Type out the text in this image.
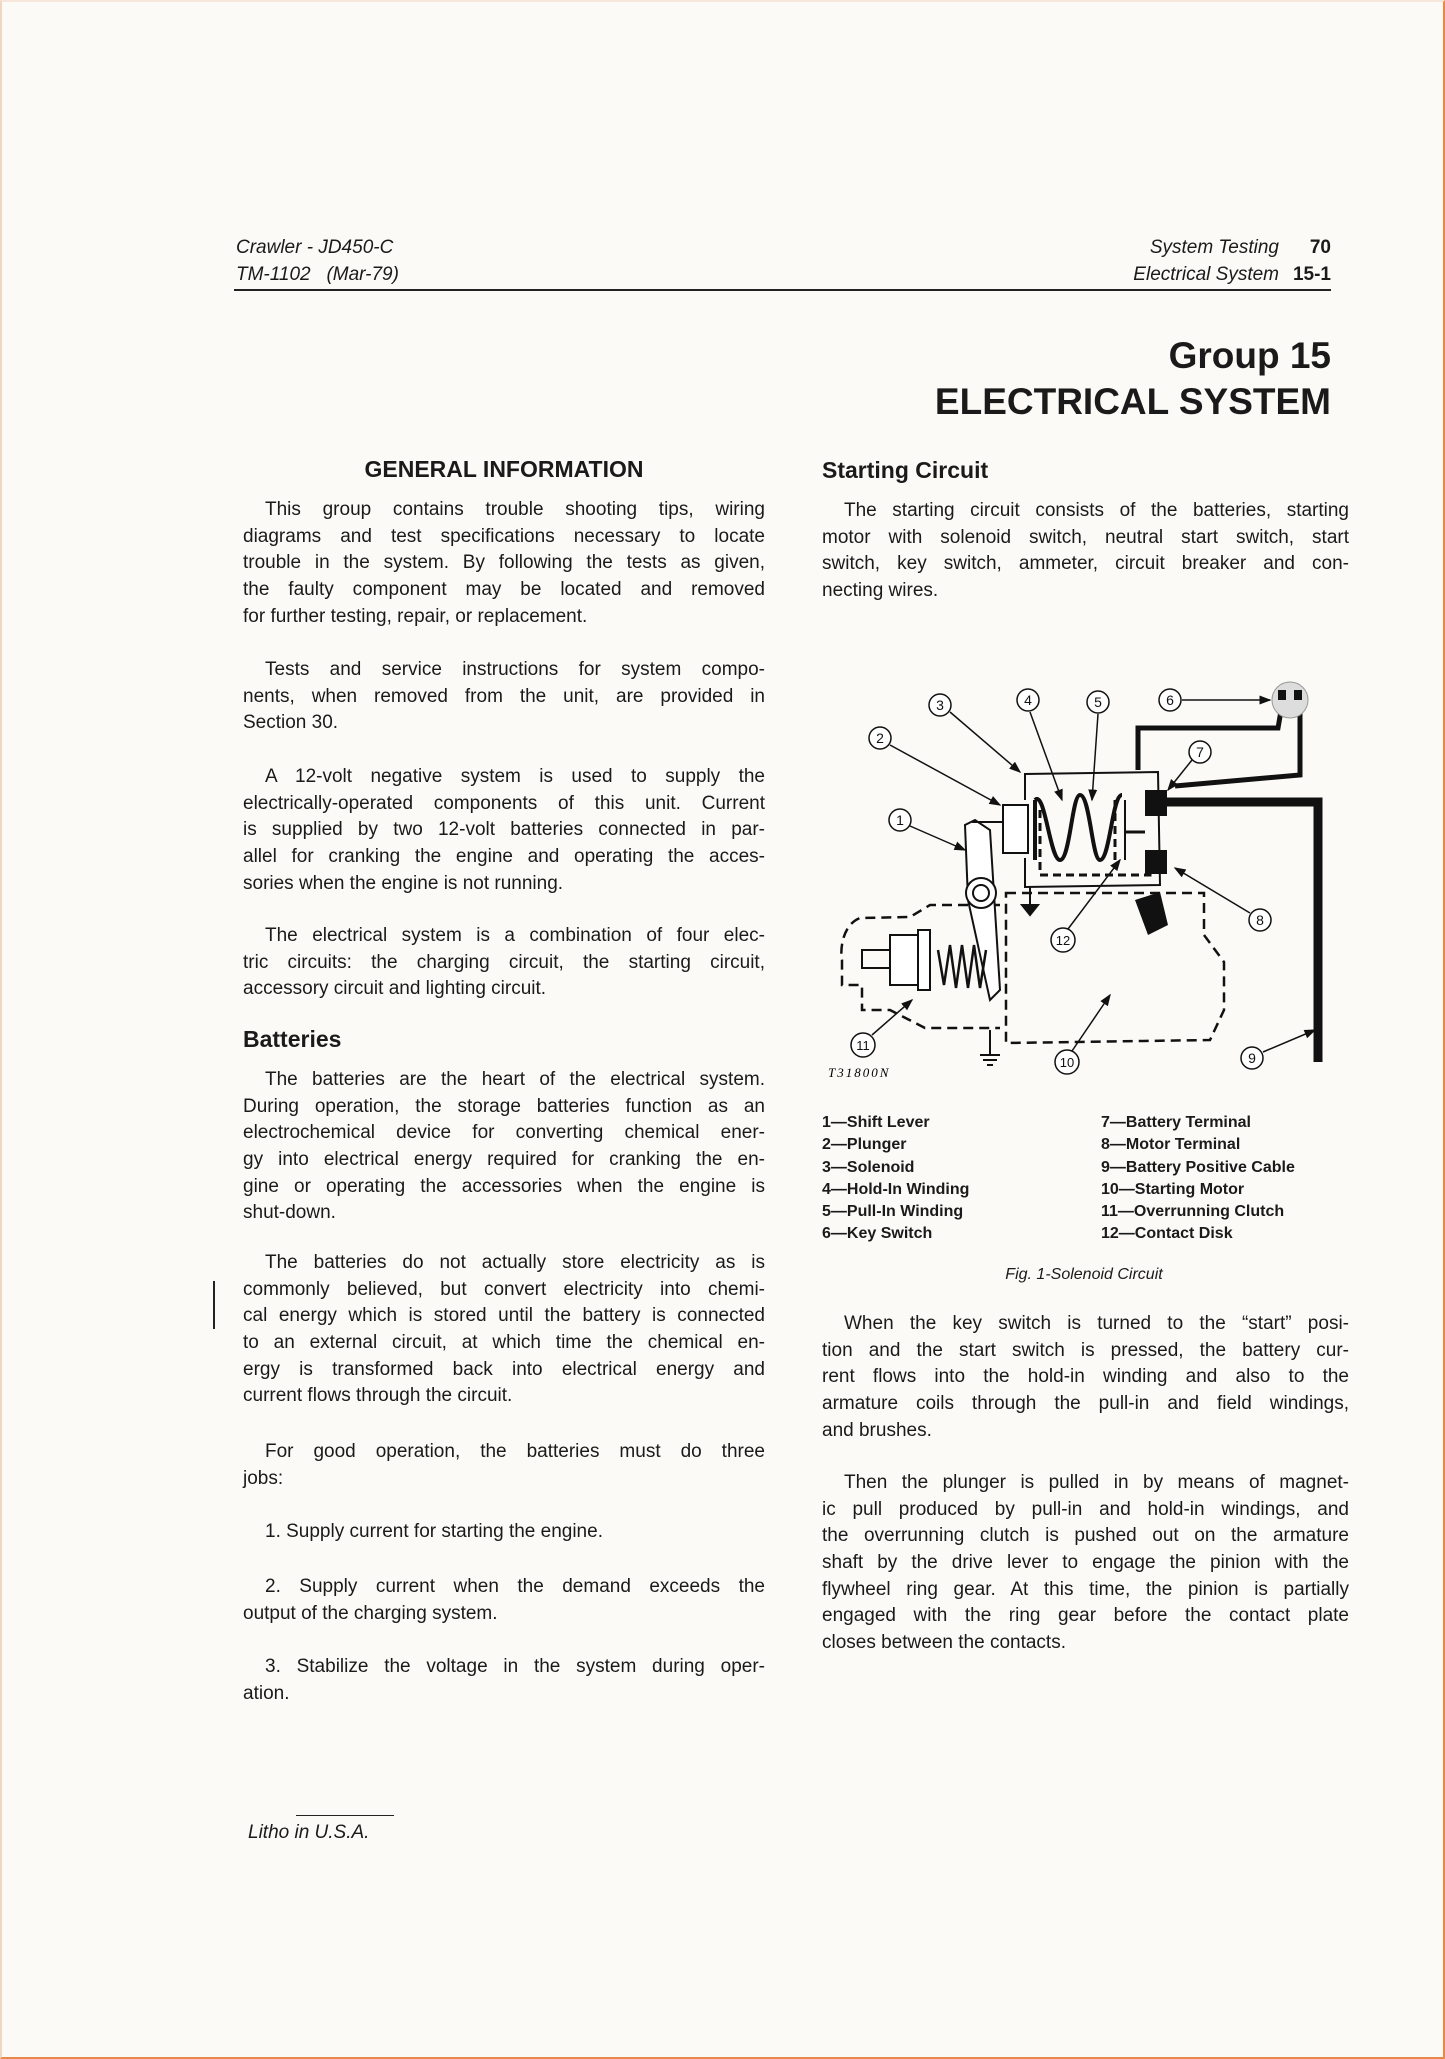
Crawler - JD450-C
TM-1102   (Mar-79)
System Testing 70
Electrical System 15-1
Group 15
ELECTRICAL SYSTEM
GENERAL INFORMATION
This group contains trouble shooting tips, wiring
diagrams and test specifications necessary to locate
trouble in the system. By following the tests as given,
the faulty component may be located and removed
for further testing, repair, or replacement.
Tests and service instructions for system compo-
nents, when removed from the unit, are provided in
Section 30.
A 12-volt negative system is used to supply the
electrically-operated components of this unit. Current
is supplied by two 12-volt batteries connected in par-
allel for cranking the engine and operating the acces-
sories when the engine is not running.
The electrical system is a combination of four elec-
tric circuits: the charging circuit, the starting circuit,
accessory circuit and lighting circuit.
Batteries
The batteries are the heart of the electrical system.
During operation, the storage batteries function as an
electrochemical device for converting chemical ener-
gy into electrical energy required for cranking the en-
gine or operating the accessories when the engine is
shut-down.
The batteries do not actually store electricity as is
commonly believed, but convert electricity into chemi-
cal energy which is stored until the battery is connected
to an external circuit, at which time the chemical en-
ergy is transformed back into electrical energy and
current flows through the circuit.
For good operation, the batteries must do three
jobs:
1. Supply current for starting the engine.
2. Supply current when the demand exceeds the
output of the charging system.
3. Stabilize the voltage in the system during oper-
ation.
Litho in U.S.A.
Starting Circuit
The starting circuit consists of the batteries, starting
motor with solenoid switch, neutral start switch, start
switch, key switch, ammeter, circuit breaker and con-
necting wires.
1
2
3	4	5	6
7
8
9
10
11
12
T31800N
1—Shift Lever
2—Plunger
3—Solenoid
4—Hold-In Winding
5—Pull-In Winding
6—Key Switch
7—Battery Terminal
8—Motor Terminal
9—Battery Positive Cable
10—Starting Motor
11—Overrunning Clutch
12—Contact Disk
Fig. 1-Solenoid Circuit
When the key switch is turned to the “start” posi-
tion and the start switch is pressed, the battery cur-
rent flows into the hold-in winding and also to the
armature coils through the pull-in and field windings,
and brushes.
Then the plunger is pulled in by means of magnet-
ic pull produced by pull-in and hold-in windings, and
the overrunning clutch is pushed out on the armature
shaft by the drive lever to engage the pinion with the
flywheel ring gear. At this time, the pinion is partially
engaged with the ring gear before the contact plate
closes between the contacts.
